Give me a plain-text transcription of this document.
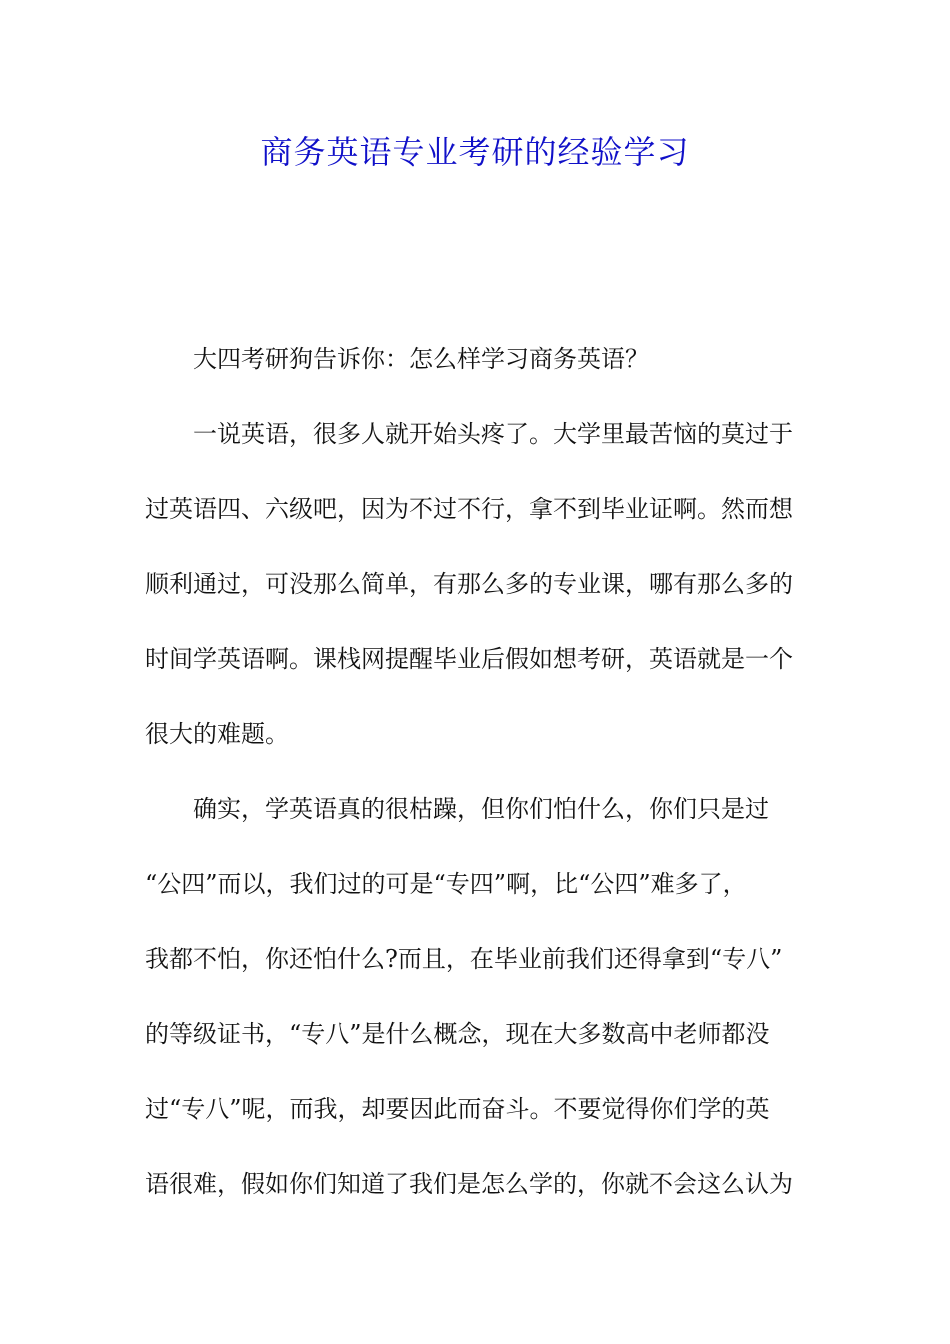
商务英语专业考研的经验学习
大四考研狗告诉你：怎么样学习商务英语？
一说英语，很多人就开始头疼了。大学里最苦恼的莫过于
过英语四、六级吧，因为不过不行，拿不到毕业证啊。然而想
顺利通过，可没那么简单，有那么多的专业课，哪有那么多的
时间学英语啊。课栈网提醒毕业后假如想考研，英语就是一个
很大的难题。
确实，学英语真的很枯躁，但你们怕什么，你们只是过
“公四”而以，我们过的可是“专四”啊，比“公四”难多了，
我都不怕，你还怕什么?而且，在毕业前我们还得拿到“专八”
的等级证书，“专八”是什么概念，现在大多数高中老师都没
过“专八”呢，而我，却要因此而奋斗。不要觉得你们学的英
语很难，假如你们知道了我们是怎么学的，你就不会这么认为
